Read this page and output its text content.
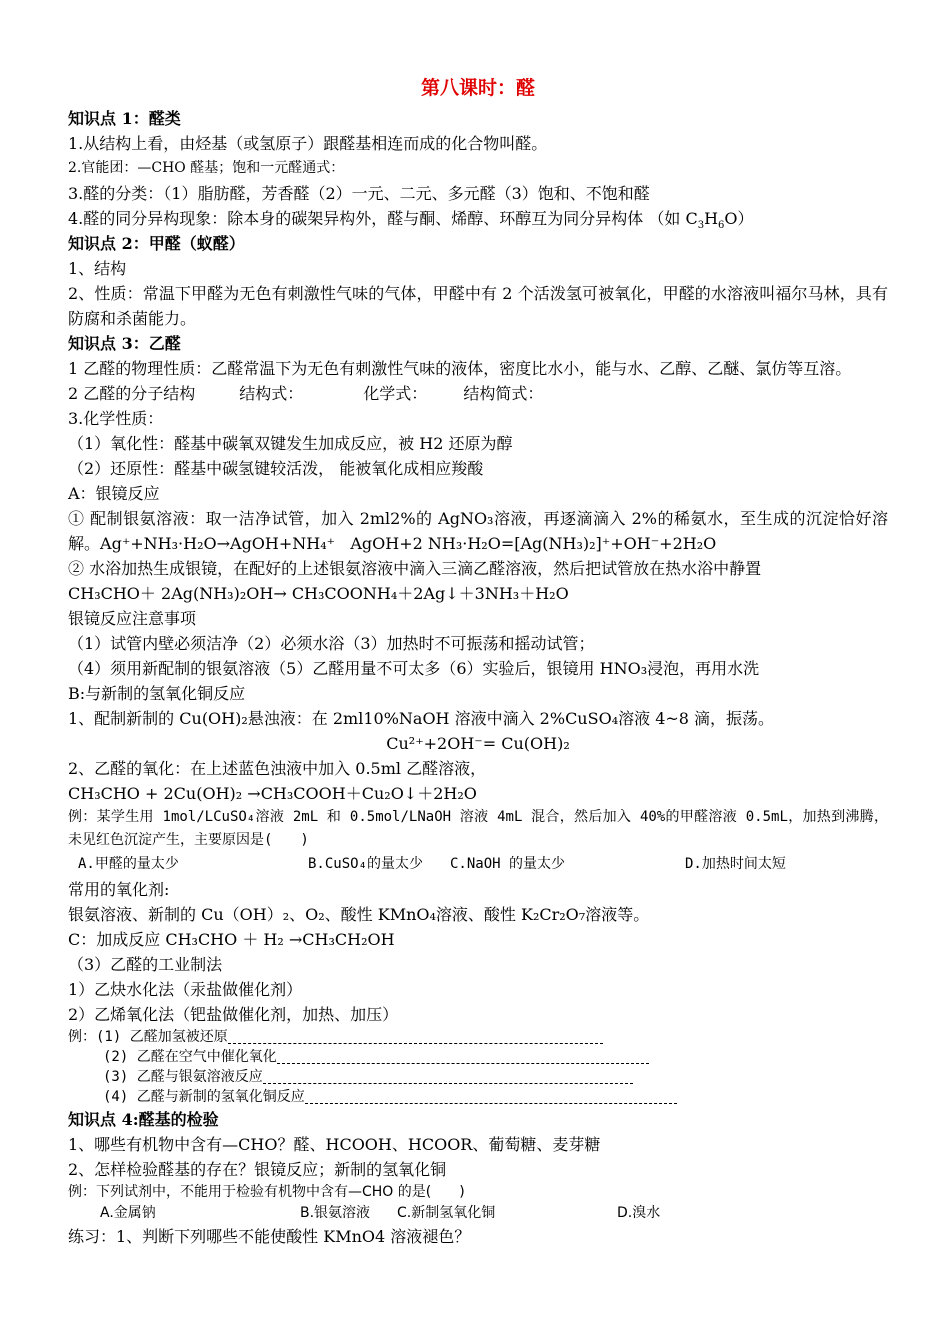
第八课时：醛
知识点 1：醛类
1.从结构上看，由烃基（或氢原子）跟醛基相连而成的化合物叫醛。
2.官能团：—CHO 醛基；饱和一元醛通式：
3.醛的分类：（1）脂肪醛，芳香醛（2）一元、二元、多元醛（3）饱和、不饱和醛
4.醛的同分异构现象：除本身的碳架异构外，醛与酮、烯醇、环醇互为同分异构体 （如 $C_3H_6O$）
知识点 2：甲醛（蚁醛）
1、结构
2、性质：常温下甲醛为无色有刺激性气味的气体，甲醛中有 2 个活泼氢可被氧化，甲醛的水溶液叫福尔马林，具有防腐和杀菌能力。
知识点 3：乙醛
1 乙醛的物理性质：乙醛常温下为无色有刺激性气味的液体，密度比水小，能与水、乙醇、乙醚、氯仿等互溶。
2 乙醛的分子结构	结构式：	化学式： 结构简式：
3.化学性质：
（1）氧化性：醛基中碳氧双键发生加成反应，被 H2 还原为醇
（2）还原性：醛基中碳氢键较活泼， 能被氧化成相应羧酸
A：银镜反应
① 配制银氨溶液：取一洁净试管，加入 2ml2%的 AgNO₃溶液，再逐滴滴入 2%的稀氨水，至生成的沉淀恰好溶解。Ag⁺+NH₃·H₂O→AgOH+NH₄⁺ AgOH+2 NH₃·H₂O=[Ag(NH₃)₂]⁺+OH⁻+2H₂O
② 水浴加热生成银镜，在配好的上述银氨溶液中滴入三滴乙醛溶液，然后把试管放在热水浴中静置
CH₃CHO＋ 2Ag(NH₃)₂OH→ CH₃COONH₄＋2Ag↓＋3NH₃＋H₂O
银镜反应注意事项
（1）试管内壁必须洁净（2）必须水浴（3）加热时不可振荡和摇动试管；
（4）须用新配制的银氨溶液（5）乙醛用量不可太多（6）实验后，银镜用 HNO₃浸泡，再用水洗
B:与新制的氢氧化铜反应
1、配制新制的 Cu(OH)₂悬浊液：在 2ml10%NaOH 溶液中滴入 2%CuSO₄溶液 4~8 滴，振荡。
Cu²⁺+2OH⁻= Cu(OH)₂
2、乙醛的氧化：在上述蓝色浊液中加入 0.5ml 乙醛溶液，
CH₃CHO + 2Cu(OH)₂ →CH₃COOH＋Cu₂O↓＋2H₂O
例：某学生用 1mol/LCuSO₄溶液 2mL 和 0.5mol/LNaOH 溶液 4mL 混合，然后加入 40%的甲醛溶液 0.5mL，加热到沸腾，未见红色沉淀产生，主要原因是(　　)
A.甲醛的量太少	B.CuSO₄的量太少 C.NaOH 的量太少	D.加热时间太短
常用的氧化剂:
银氨溶液、新制的 Cu（OH）₂、O₂、酸性 KMnO₄溶液、酸性 K₂Cr₂O₇溶液等。
C：加成反应 CH₃CHO ＋ H₂ →CH₃CH₂OH
（3）乙醛的工业制法
1）乙炔水化法（汞盐做催化剂）
2）乙烯氧化法（钯盐做催化剂，加热、加压）
例：(1) 乙醛加氢被还原
(2) 乙醛在空气中催化氧化
(3) 乙醛与银氨溶液反应
(4) 乙醛与新制的氢氧化铜反应
知识点 4:醛基的检验
1、哪些有机物中含有—CHO？醛、HCOOH、HCOOR、葡萄糖、麦芽糖
2、怎样检验醛基的存在？银镜反应；新制的氢氧化铜
例：下列试剂中，不能用于检验有机物中含有—CHO 的是(　　)
A.金属钠	B.银氨溶液 C.新制氢氧化铜	D.溴水
练习：1、判断下列哪些不能使酸性 KMnO4 溶液褪色？
